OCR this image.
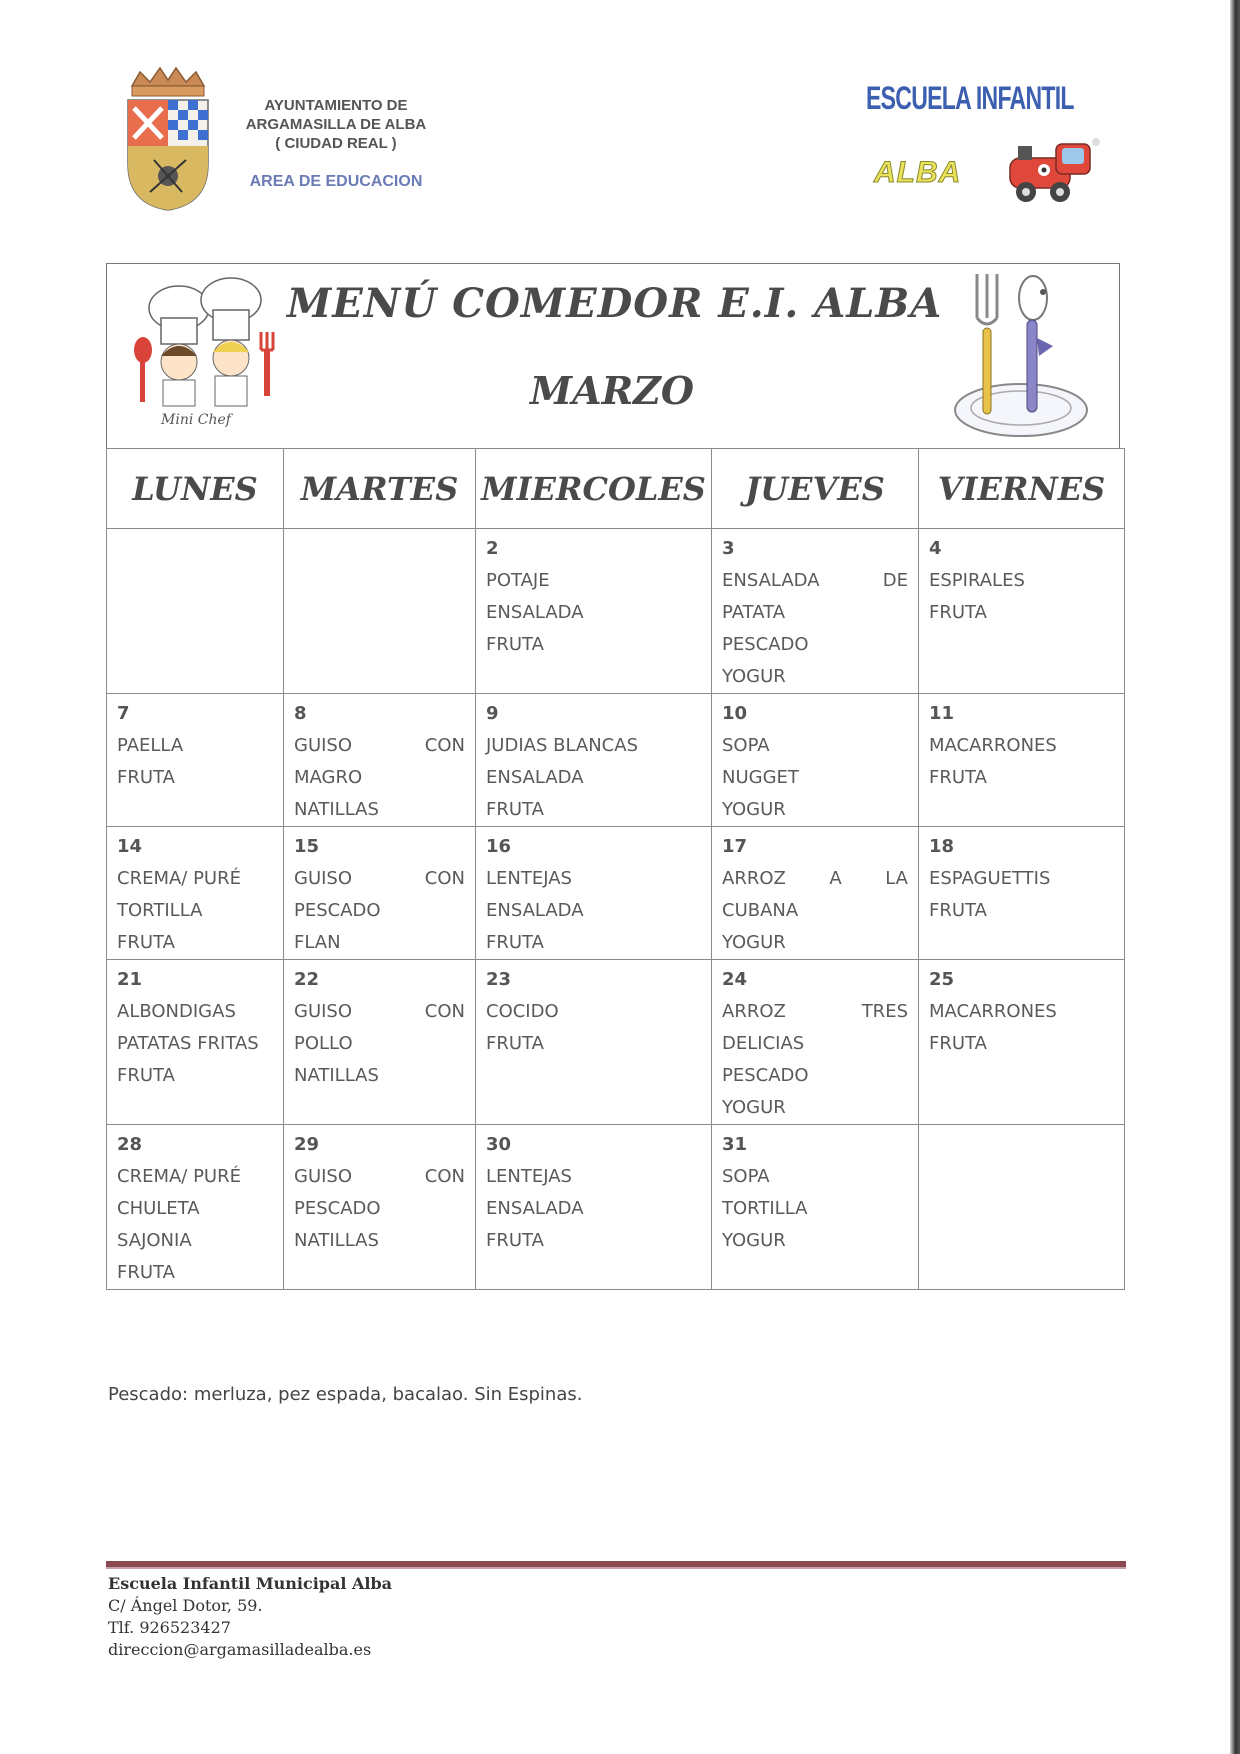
AYUNTAMIENTO DE
ARGAMASILLA DE ALBA
( CIUDAD REAL )
AREA DE EDUCACION
ESCUELA INFANTIL
ALBA
Mini Chef
MENÚ COMEDOR E.I. ALBA
MARZO
LUNES	MARTES	MIERCOLES	JUEVES	VIERNES

		2
POTAJE
ENSALADA
FRUTA	3
ENSALADA DE
PATATA
PESCADO
YOGUR	4
ESPIRALES
FRUTA

7
PAELLA
FRUTA	8
GUISO CON
MAGRO
NATILLAS	9
JUDIAS BLANCAS
ENSALADA
FRUTA	10
SOPA
NUGGET
YOGUR	11
MACARRONES
FRUTA

14
CREMA/ PURÉ
TORTILLA
FRUTA	15
GUISO CON
PESCADO
FLAN	16
LENTEJAS
ENSALADA
FRUTA	17
ARROZ A LA
CUBANA
YOGUR	18
ESPAGUETTIS
FRUTA

21
ALBONDIGAS
PATATAS FRITAS
FRUTA	22
GUISO CON
POLLO
NATILLAS	23
COCIDO
FRUTA	24
ARROZ TRES
DELICIAS
PESCADO
YOGUR	25
MACARRONES
FRUTA

28
CREMA/ PURÉ
CHULETA
SAJONIA
FRUTA	29
GUISO CON
PESCADO
NATILLAS	30
LENTEJAS
ENSALADA
FRUTA	31
SOPA
TORTILLA
YOGUR	

Pescado: merluza, pez espada, bacalao. Sin Espinas.
Escuela Infantil Municipal Alba
C/ Ángel Dotor, 59.
Tlf. 926523427
direccion@argamasilladealba.es
